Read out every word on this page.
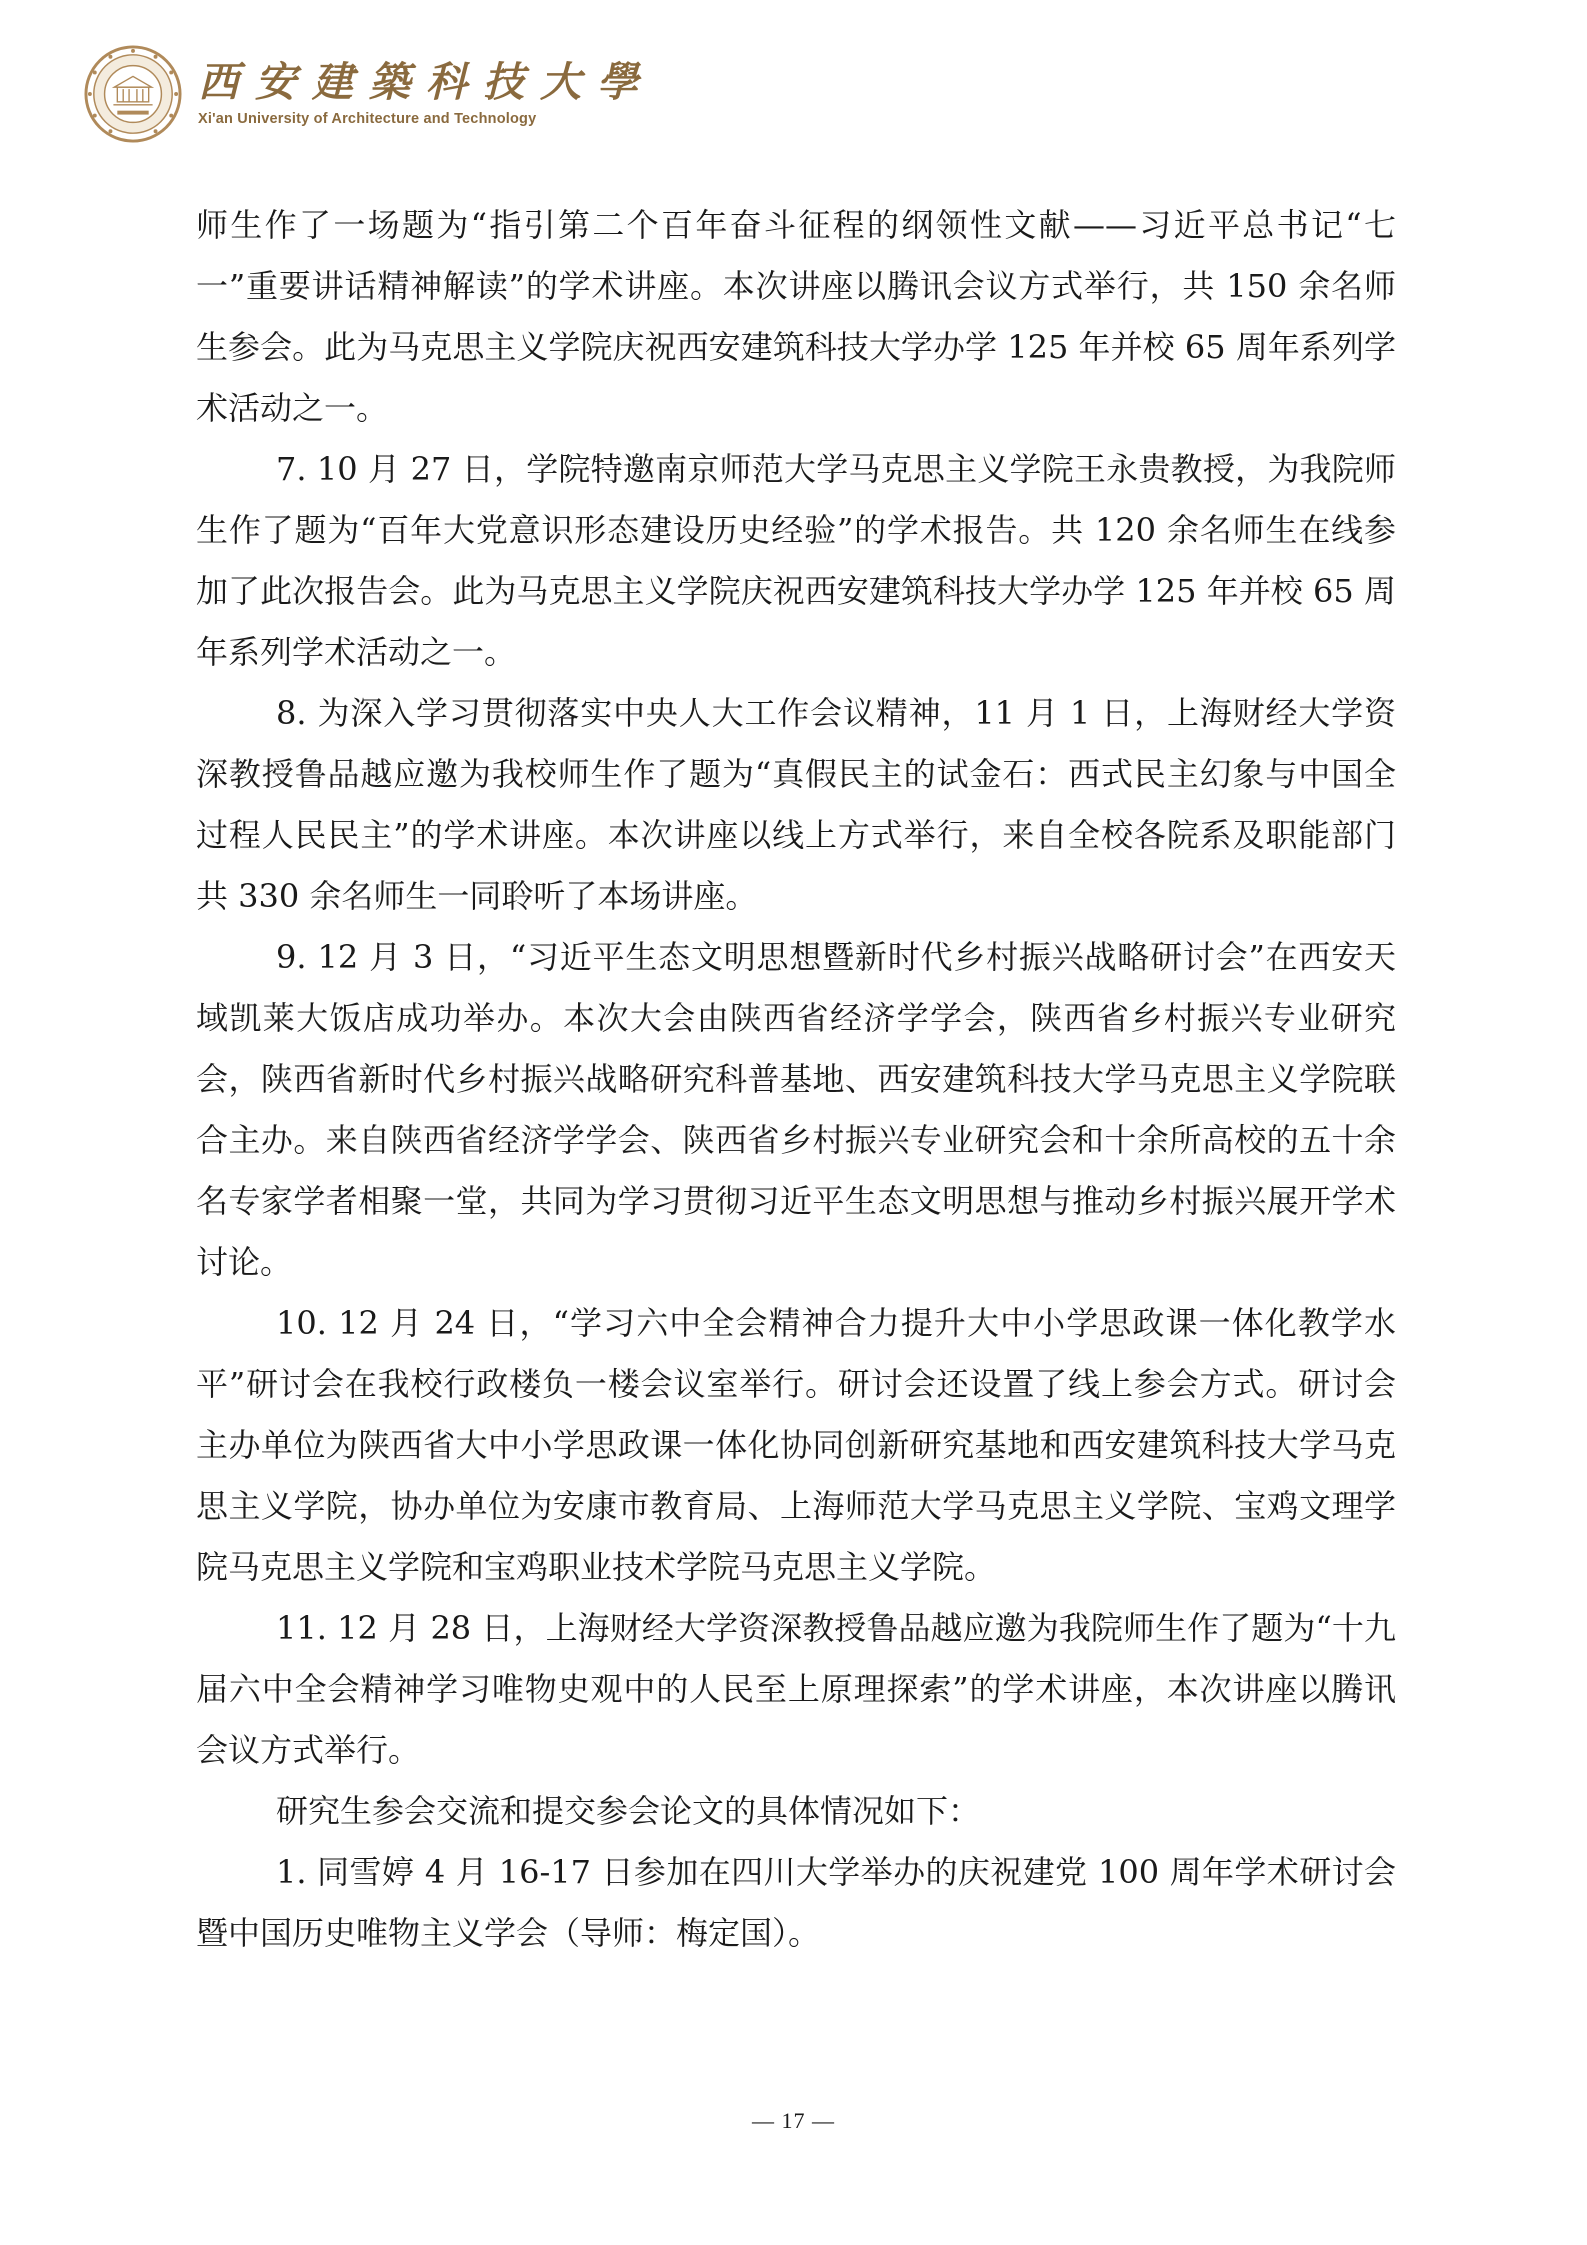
西安建築科技大學
Xi'an University of Architecture and Technology

师生作了一场题为“指引第二个百年奋斗征程的纲领性文献——习近平总书记“七一”重要讲话精神解读”的学术讲座。本次讲座以腾讯会议方式举行，共 150 余名师生参会。此为马克思主义学院庆祝西安建筑科技大学办学 125 年并校 65 周年系列学术活动之一。

7. 10 月 27 日，学院特邀南京师范大学马克思主义学院王永贵教授，为我院师生作了题为“百年大党意识形态建设历史经验”的学术报告。共 120 余名师生在线参加了此次报告会。此为马克思主义学院庆祝西安建筑科技大学办学 125 年并校 65 周年系列学术活动之一。

8. 为深入学习贯彻落实中央人大工作会议精神，11 月 1 日，上海财经大学资深教授鲁品越应邀为我校师生作了题为“真假民主的试金石：西式民主幻象与中国全过程人民民主”的学术讲座。本次讲座以线上方式举行，来自全校各院系及职能部门共 330 余名师生一同聆听了本场讲座。

9. 12 月 3 日，“习近平生态文明思想暨新时代乡村振兴战略研讨会”在西安天域凯莱大饭店成功举办。本次大会由陕西省经济学学会，陕西省乡村振兴专业研究会，陕西省新时代乡村振兴战略研究科普基地、西安建筑科技大学马克思主义学院联合主办。来自陕西省经济学学会、陕西省乡村振兴专业研究会和十余所高校的五十余名专家学者相聚一堂，共同为学习贯彻习近平生态文明思想与推动乡村振兴展开学术讨论。

10. 12 月 24 日，“学习六中全会精神合力提升大中小学思政课一体化教学水平”研讨会在我校行政楼负一楼会议室举行。研讨会还设置了线上参会方式。研讨会主办单位为陕西省大中小学思政课一体化协同创新研究基地和西安建筑科技大学马克思主义学院，协办单位为安康市教育局、上海师范大学马克思主义学院、宝鸡文理学院马克思主义学院和宝鸡职业技术学院马克思主义学院。

11. 12 月 28 日，上海财经大学资深教授鲁品越应邀为我院师生作了题为“十九届六中全会精神学习唯物史观中的人民至上原理探索”的学术讲座，本次讲座以腾讯会议方式举行。

研究生参会交流和提交参会论文的具体情况如下：

1. 同雪婷 4 月 16-17 日参加在四川大学举办的庆祝建党 100 周年学术研讨会暨中国历史唯物主义学会（导师：梅定国）。

— 17 —
